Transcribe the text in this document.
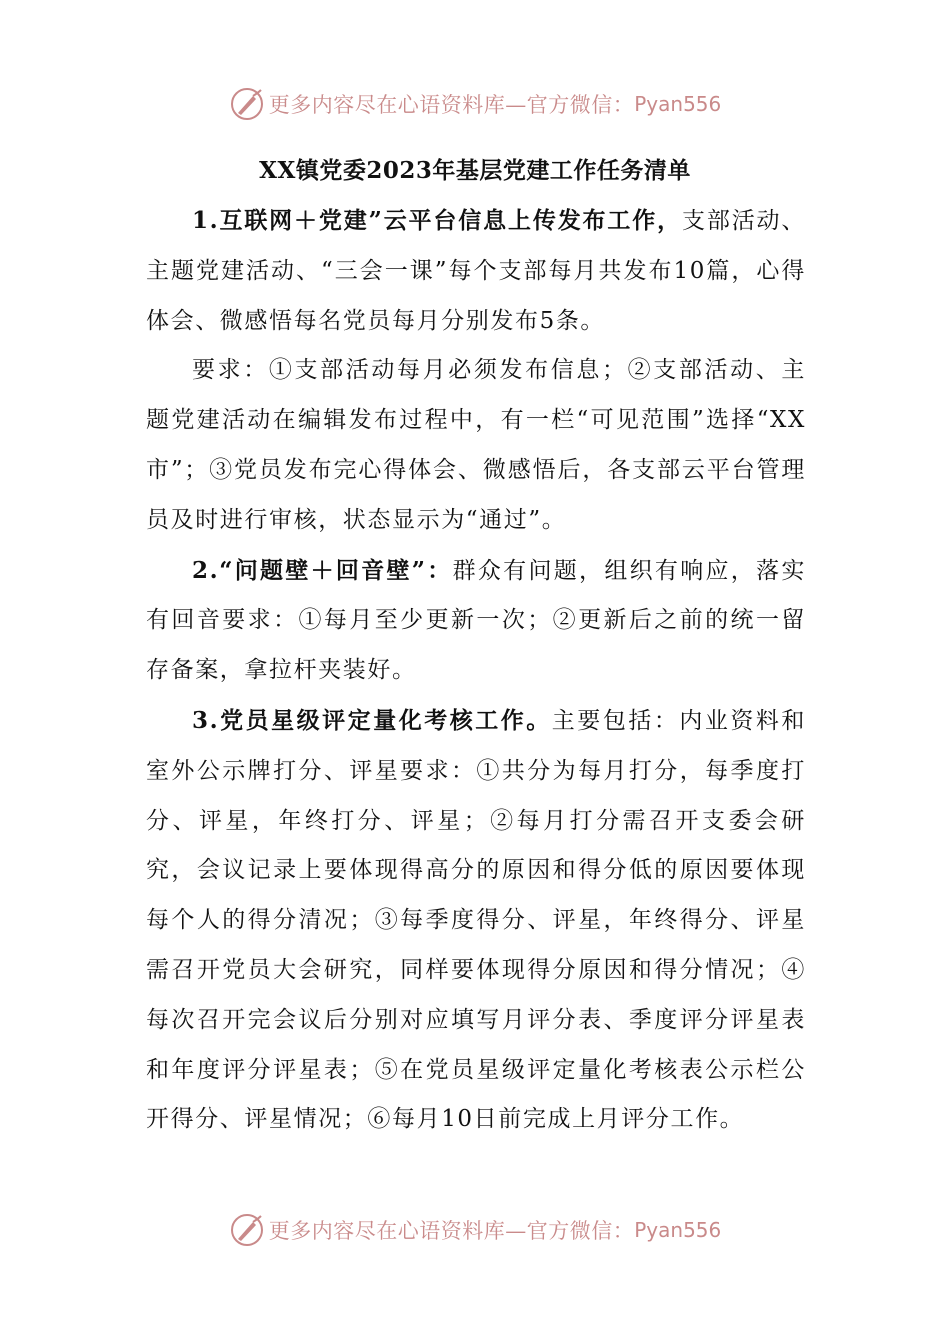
更多内容尽在心语资料库—官方微信： Pyan556
XX镇党委2023年基层党建工作任务清单

1.互联网＋党建”云平台信息上传发布工作，支部活动、主题党建活动、“三会一课”每个支部每月共发布10篇，心得体会、微感悟每名党员每月分别发布5条。

要求：①支部活动每月必须发布信息；②支部活动、主题党建活动在编辑发布过程中，有一栏“可见范围”选择“XX市”；③党员发布完心得体会、微感悟后，各支部云平台管理员及时进行审核，状态显示为“通过”。

2.“问题壁＋回音壁”：群众有问题，组织有响应，落实有回音要求：①每月至少更新一次；②更新后之前的统一留存备案，拿拉杆夹装好。

3.党员星级评定量化考核工作。主要包括：内业资料和室外公示牌打分、评星要求：①共分为每月打分，每季度打分、评星，年终打分、评星；②每月打分需召开支委会研究，会议记录上要体现得高分的原因和得分低的原因要体现每个人的得分清况；③每季度得分、评星，年终得分、评星需召开党员大会研究，同样要体现得分原因和得分情况；④每次召开完会议后分别对应填写月评分表、季度评分评星表和年度评分评星表；⑤在党员星级评定量化考核表公示栏公开得分、评星情况；⑥每月10日前完成上月评分工作。

更多内容尽在心语资料库—官方微信： Pyan556
